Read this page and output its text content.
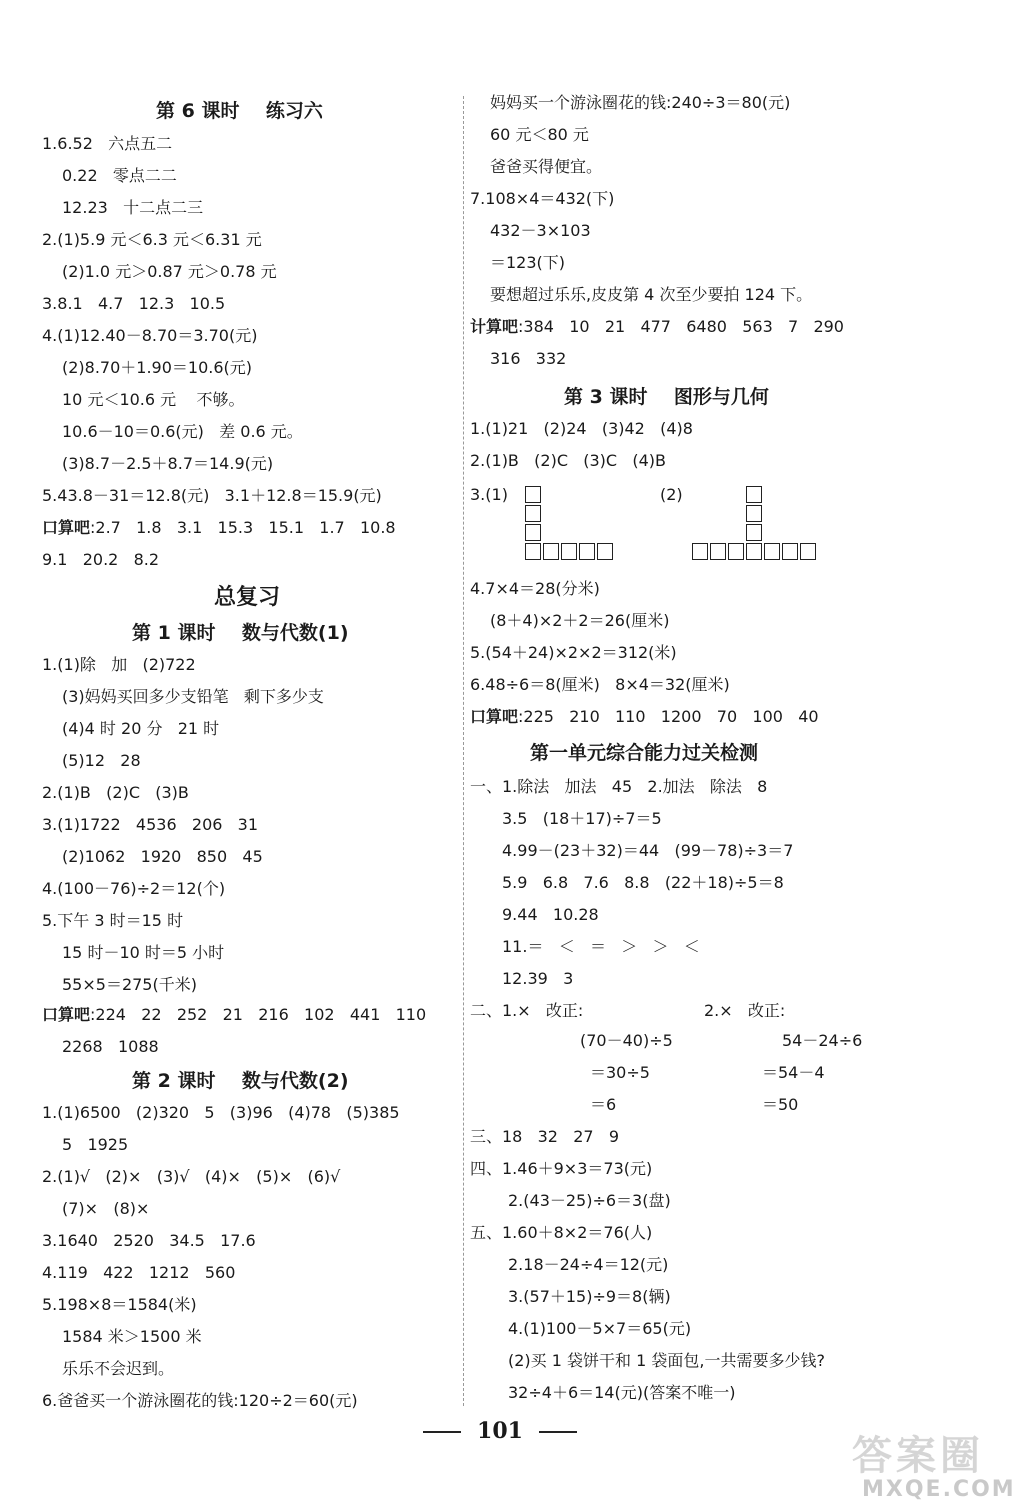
第 6 课时    练习六
1.6.52   六点五二
0.22   零点二二
12.23   十二点二三
2.(1)5.9 元＜6.3 元＜6.31 元
(2)1.0 元＞0.87 元＞0.78 元
3.8.1   4.7   12.3   10.5
4.(1)12.40－8.70＝3.70(元)
(2)8.70＋1.90＝10.6(元)
10 元＜10.6 元    不够。
10.6－10＝0.6(元)   差 0.6 元。
(3)8.7－2.5＋8.7＝14.9(元)
5.43.8－31＝12.8(元)   3.1＋12.8＝15.9(元)
口算吧:2.7   1.8   3.1   15.3   15.1   1.7   10.8
9.1   20.2   8.2
总复习
第 1 课时    数与代数(1)
1.(1)除   加   (2)722
(3)妈妈买回多少支铅笔   剩下多少支
(4)4 时 20 分   21 时
(5)12   28
2.(1)B   (2)C   (3)B
3.(1)1722   4536   206   31
(2)1062   1920   850   45
4.(100－76)÷2＝12(个)
5.下午 3 时＝15 时
15 时－10 时＝5 小时
55×5＝275(千米)
口算吧:224   22   252   21   216   102   441   110
2268   1088
第 2 课时    数与代数(2)
1.(1)6500   (2)320   5   (3)96   (4)78   (5)385
5   1925
2.(1)√   (2)×   (3)√   (4)×   (5)×   (6)√
(7)×   (8)×
3.1640   2520   34.5   17.6
4.119   422   1212   560
5.198×8＝1584(米)
1584 米＞1500 米
乐乐不会迟到。
6.爸爸买一个游泳圈花的钱:120÷2＝60(元)
妈妈买一个游泳圈花的钱:240÷3＝80(元)
60 元＜80 元
爸爸买得便宜。
7.108×4＝432(下)
432－3×103
＝123(下)
要想超过乐乐,皮皮第 4 次至少要拍 124 下。
计算吧:384   10   21   477   6480   563   7   290
316   332
第 3 课时    图形与几何
1.(1)21   (2)24   (3)42   (4)8
2.(1)B   (2)C   (3)C   (4)B
3.(1)	(2)
4.7×4＝28(分米)
(8＋4)×2＋2＝26(厘米)
5.(54＋24)×2×2＝312(米)
6.48÷6＝8(厘米)   8×4＝32(厘米)
口算吧:225   210   110   1200   70   100   40
第一单元综合能力过关检测
一、1.除法   加法   45   2.加法   除法   8
3.5   (18＋17)÷7＝5
4.99－(23＋32)＝44   (99－78)÷3＝7
5.9   6.8   7.6   8.8   (22＋18)÷5＝8
9.44   10.28
11.＝   ＜   ＝   ＞   ＞   ＜
12.39   3
二、1.×   改正:	2.×   改正:
(70－40)÷5	54－24÷6
＝30÷5	＝54－4
＝6	＝50
三、18   32   27   9
四、1.46＋9×3＝73(元)
2.(43－25)÷6＝3(盘)
五、1.60＋8×2＝76(人)
2.18－24÷4＝12(元)
3.(57＋15)÷9＝8(辆)
4.(1)100－5×7＝65(元)
(2)买 1 袋饼干和 1 袋面包,一共需要多少钱?
32÷4＋6＝14(元)(答案不唯一)
101
答案圈
MXQE.COM
